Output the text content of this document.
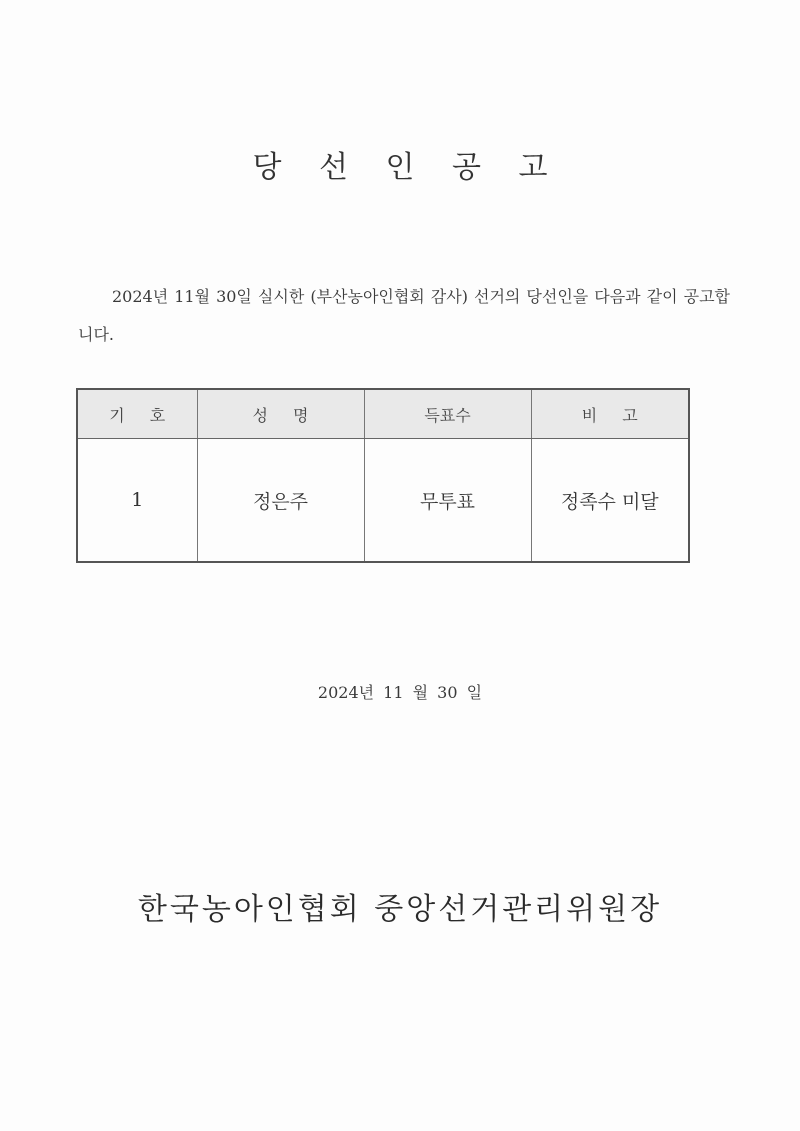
당 선 인 공 고
2024년 11월 30일 실시한 (부산농아인협회 감사) 선거의 당선인을 다음과 같이 공고합니다.
기 호	성 명	득표수	비 고
1	정은주	무투표	정족수 미달
2024년 11 월 30 일
한국농아인협회 중앙선거관리위원장
